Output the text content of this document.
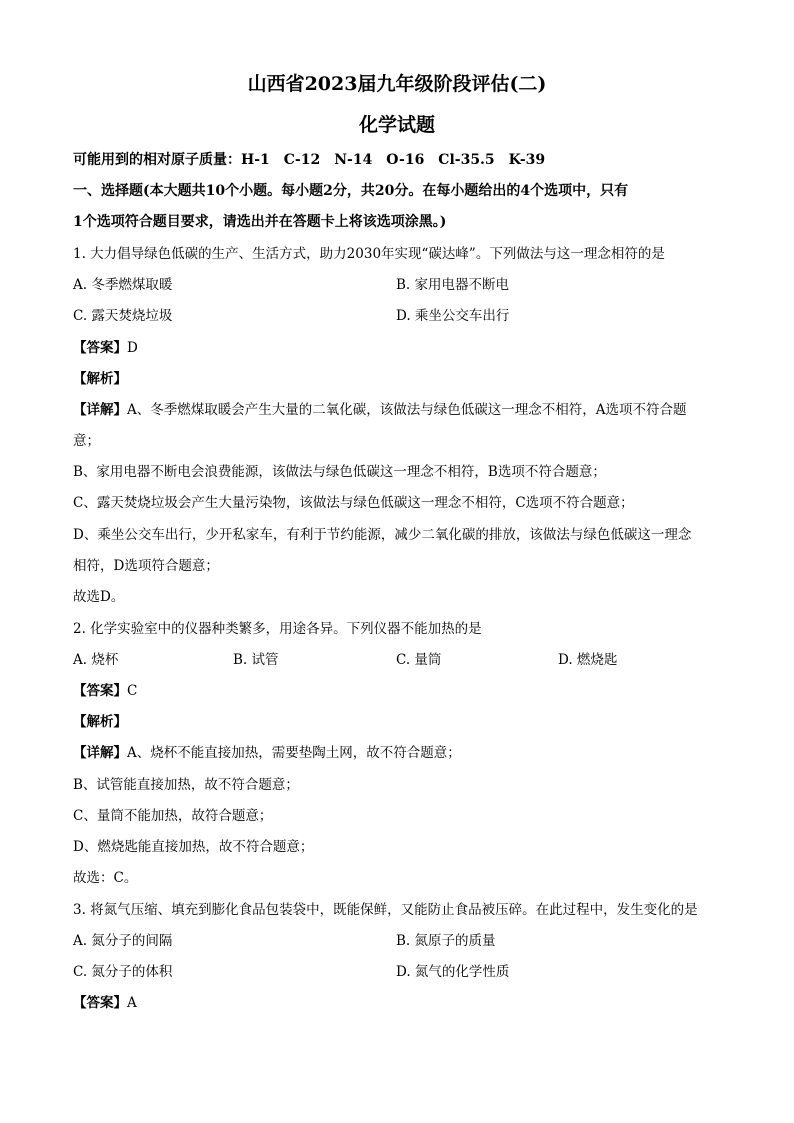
山西省2023届九年级阶段评估(二)
化学试题
可能用到的相对原子质量：H-1　C-12　N-14　O-16　Cl-35.5　K-39
一、选择题(本大题共10个小题。每小题2分，共20分。在每小题给出的4个选项中，只有
1个选项符合题目要求，请选出并在答题卡上将该选项涂黑。)
1. 大力倡导绿色低碳的生产、生活方式，助力2030年实现“碳达峰”。下列做法与这一理念相符的是
A. 冬季燃煤取暖	B. 家用电器不断电
C. 露天焚烧垃圾	D. 乘坐公交车出行
【答案】D
【解析】
【详解】A、冬季燃煤取暖会产生大量的二氧化碳，该做法与绿色低碳这一理念不相符，A选项不符合题
意；
B、家用电器不断电会浪费能源，该做法与绿色低碳这一理念不相符，B选项不符合题意；
C、露天焚烧垃圾会产生大量污染物，该做法与绿色低碳这一理念不相符，C选项不符合题意；
D、乘坐公交车出行，少开私家车，有利于节约能源，减少二氧化碳的排放，该做法与绿色低碳这一理念
相符，D选项符合题意；
故选D。
2. 化学实验室中的仪器种类繁多，用途各异。下列仪器不能加热的是
A. 烧杯	B. 试管	C. 量筒	D. 燃烧匙
【答案】C
【解析】
【详解】A、烧杯不能直接加热，需要垫陶土网，故不符合题意；
B、试管能直接加热，故不符合题意；
C、量筒不能加热，故符合题意；
D、燃烧匙能直接加热，故不符合题意；
故选：C。
3. 将氮气压缩、填充到膨化食品包装袋中，既能保鲜，又能防止食品被压碎。在此过程中，发生变化的是
A. 氮分子的间隔	B. 氮原子的质量
C. 氮分子的体积	D. 氮气的化学性质
【答案】A
